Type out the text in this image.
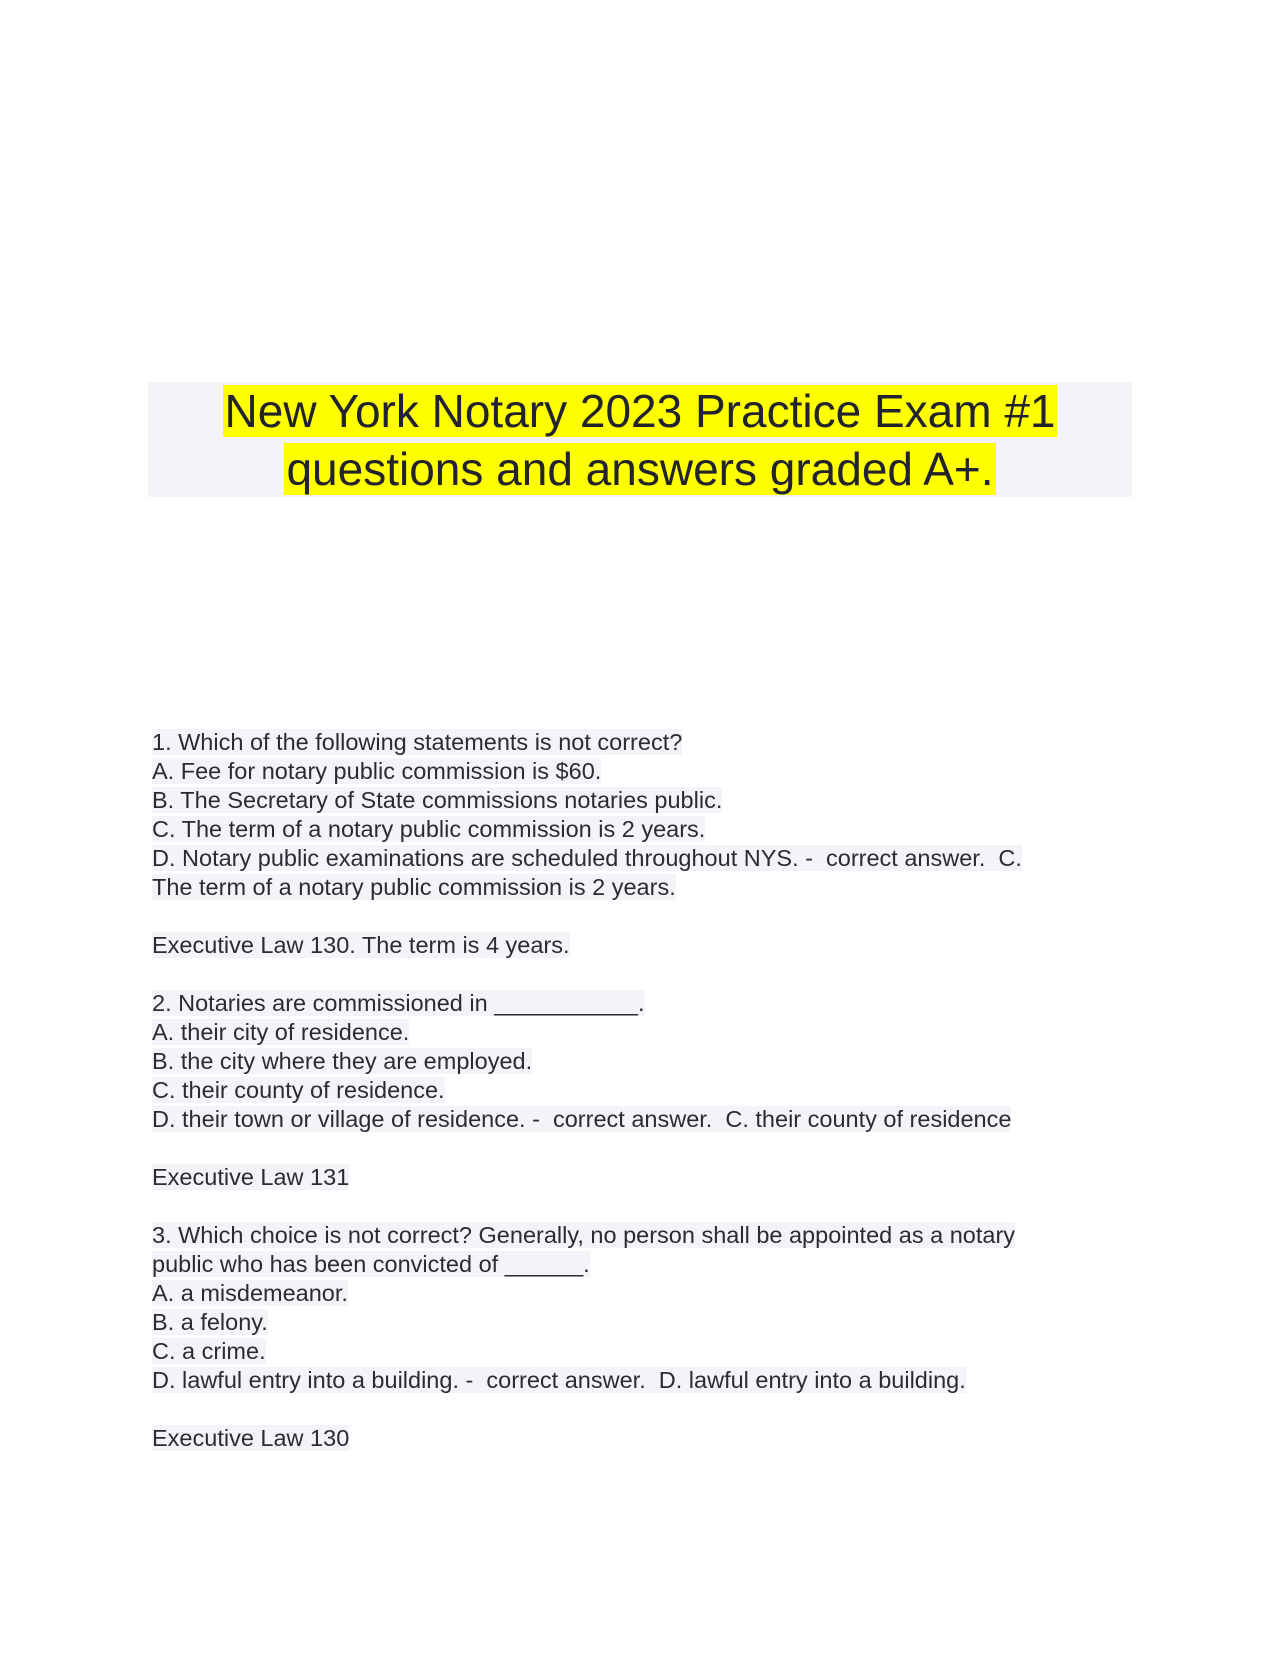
New York Notary 2023 Practice Exam #1
questions and answers graded A+.
1. Which of the following statements is not correct?
A. Fee for notary public commission is $60.
B. The Secretary of State commissions notaries public.
C. The term of a notary public commission is 2 years.
D. Notary public examinations are scheduled throughout NYS. -  correct answer.  C.
The term of a notary public commission is 2 years.
Executive Law 130. The term is 4 years.
2. Notaries are commissioned in ___________.
A. their city of residence.
B. the city where they are employed.
C. their county of residence.
D. their town or village of residence. -  correct answer.  C. their county of residence
Executive Law 131
3. Which choice is not correct? Generally, no person shall be appointed as a notary
public who has been convicted of ______.
A. a misdemeanor.
B. a felony.
C. a crime.
D. lawful entry into a building. -  correct answer.  D. lawful entry into a building.
Executive Law 130
